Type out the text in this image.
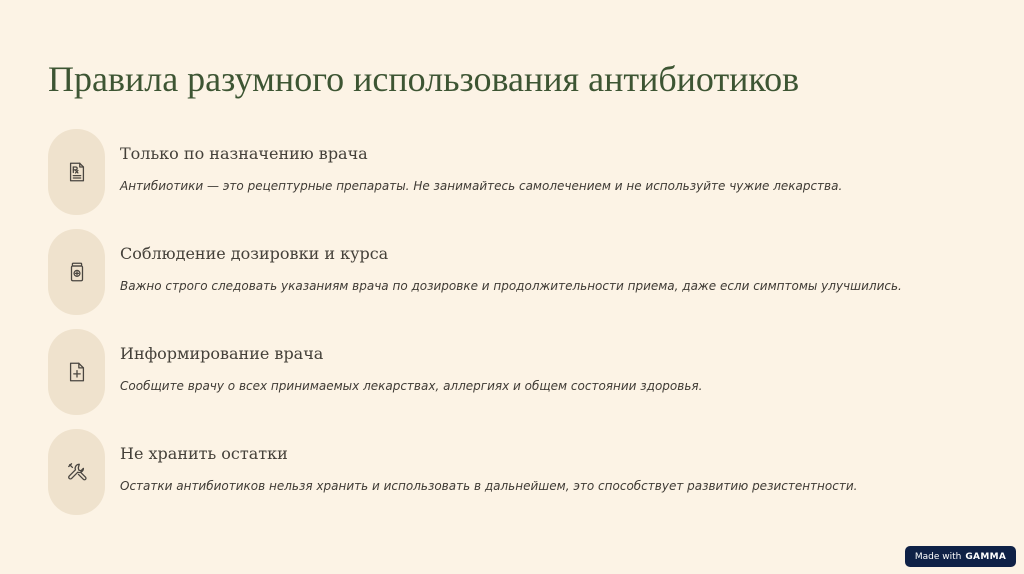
Правила разумного использования антибиотиков
Только по назначению врача
Антибиотики — это рецептурные препараты. Не занимайтесь самолечением и не используйте чужие лекарства.
Соблюдение дозировки и курса
Важно строго следовать указаниям врача по дозировке и продолжительности приема, даже если симптомы улучшились.
Информирование врача
Сообщите врачу о всех принимаемых лекарствах, аллергиях и общем состоянии здоровья.
Не хранить остатки
Остатки антибиотиков нельзя хранить и использовать в дальнейшем, это способствует развитию резистентности.
Made with GAMMA
